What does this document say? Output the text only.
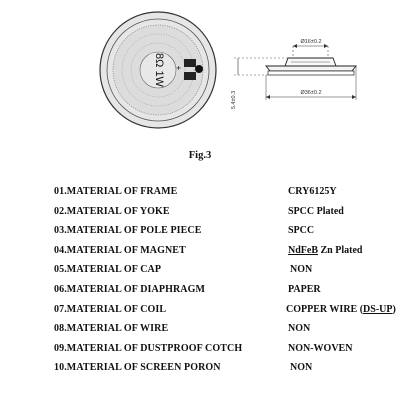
8Ω 1W +
Ø16±0.2
5.4±0.3	Ø36±0.2
Fig.3
01.MATERIAL OF FRAME	CRY6125Y
02.MATERIAL OF YOKE	SPCC Plated
03.MATERIAL OF POLE PIECE	SPCC
04.MATERIAL OF MAGNET	NdFeB Zn Plated
05.MATERIAL OF CAP	NON
06.MATERIAL OF DIAPHRAGM	PAPER
07.MATERIAL OF COIL	COPPER WIRE (DS-UP)
08.MATERIAL OF WIRE	NON
09.MATERIAL OF DUSTPROOF COTCH	NON-WOVEN
10.MATERIAL OF SCREEN PORON	NON
